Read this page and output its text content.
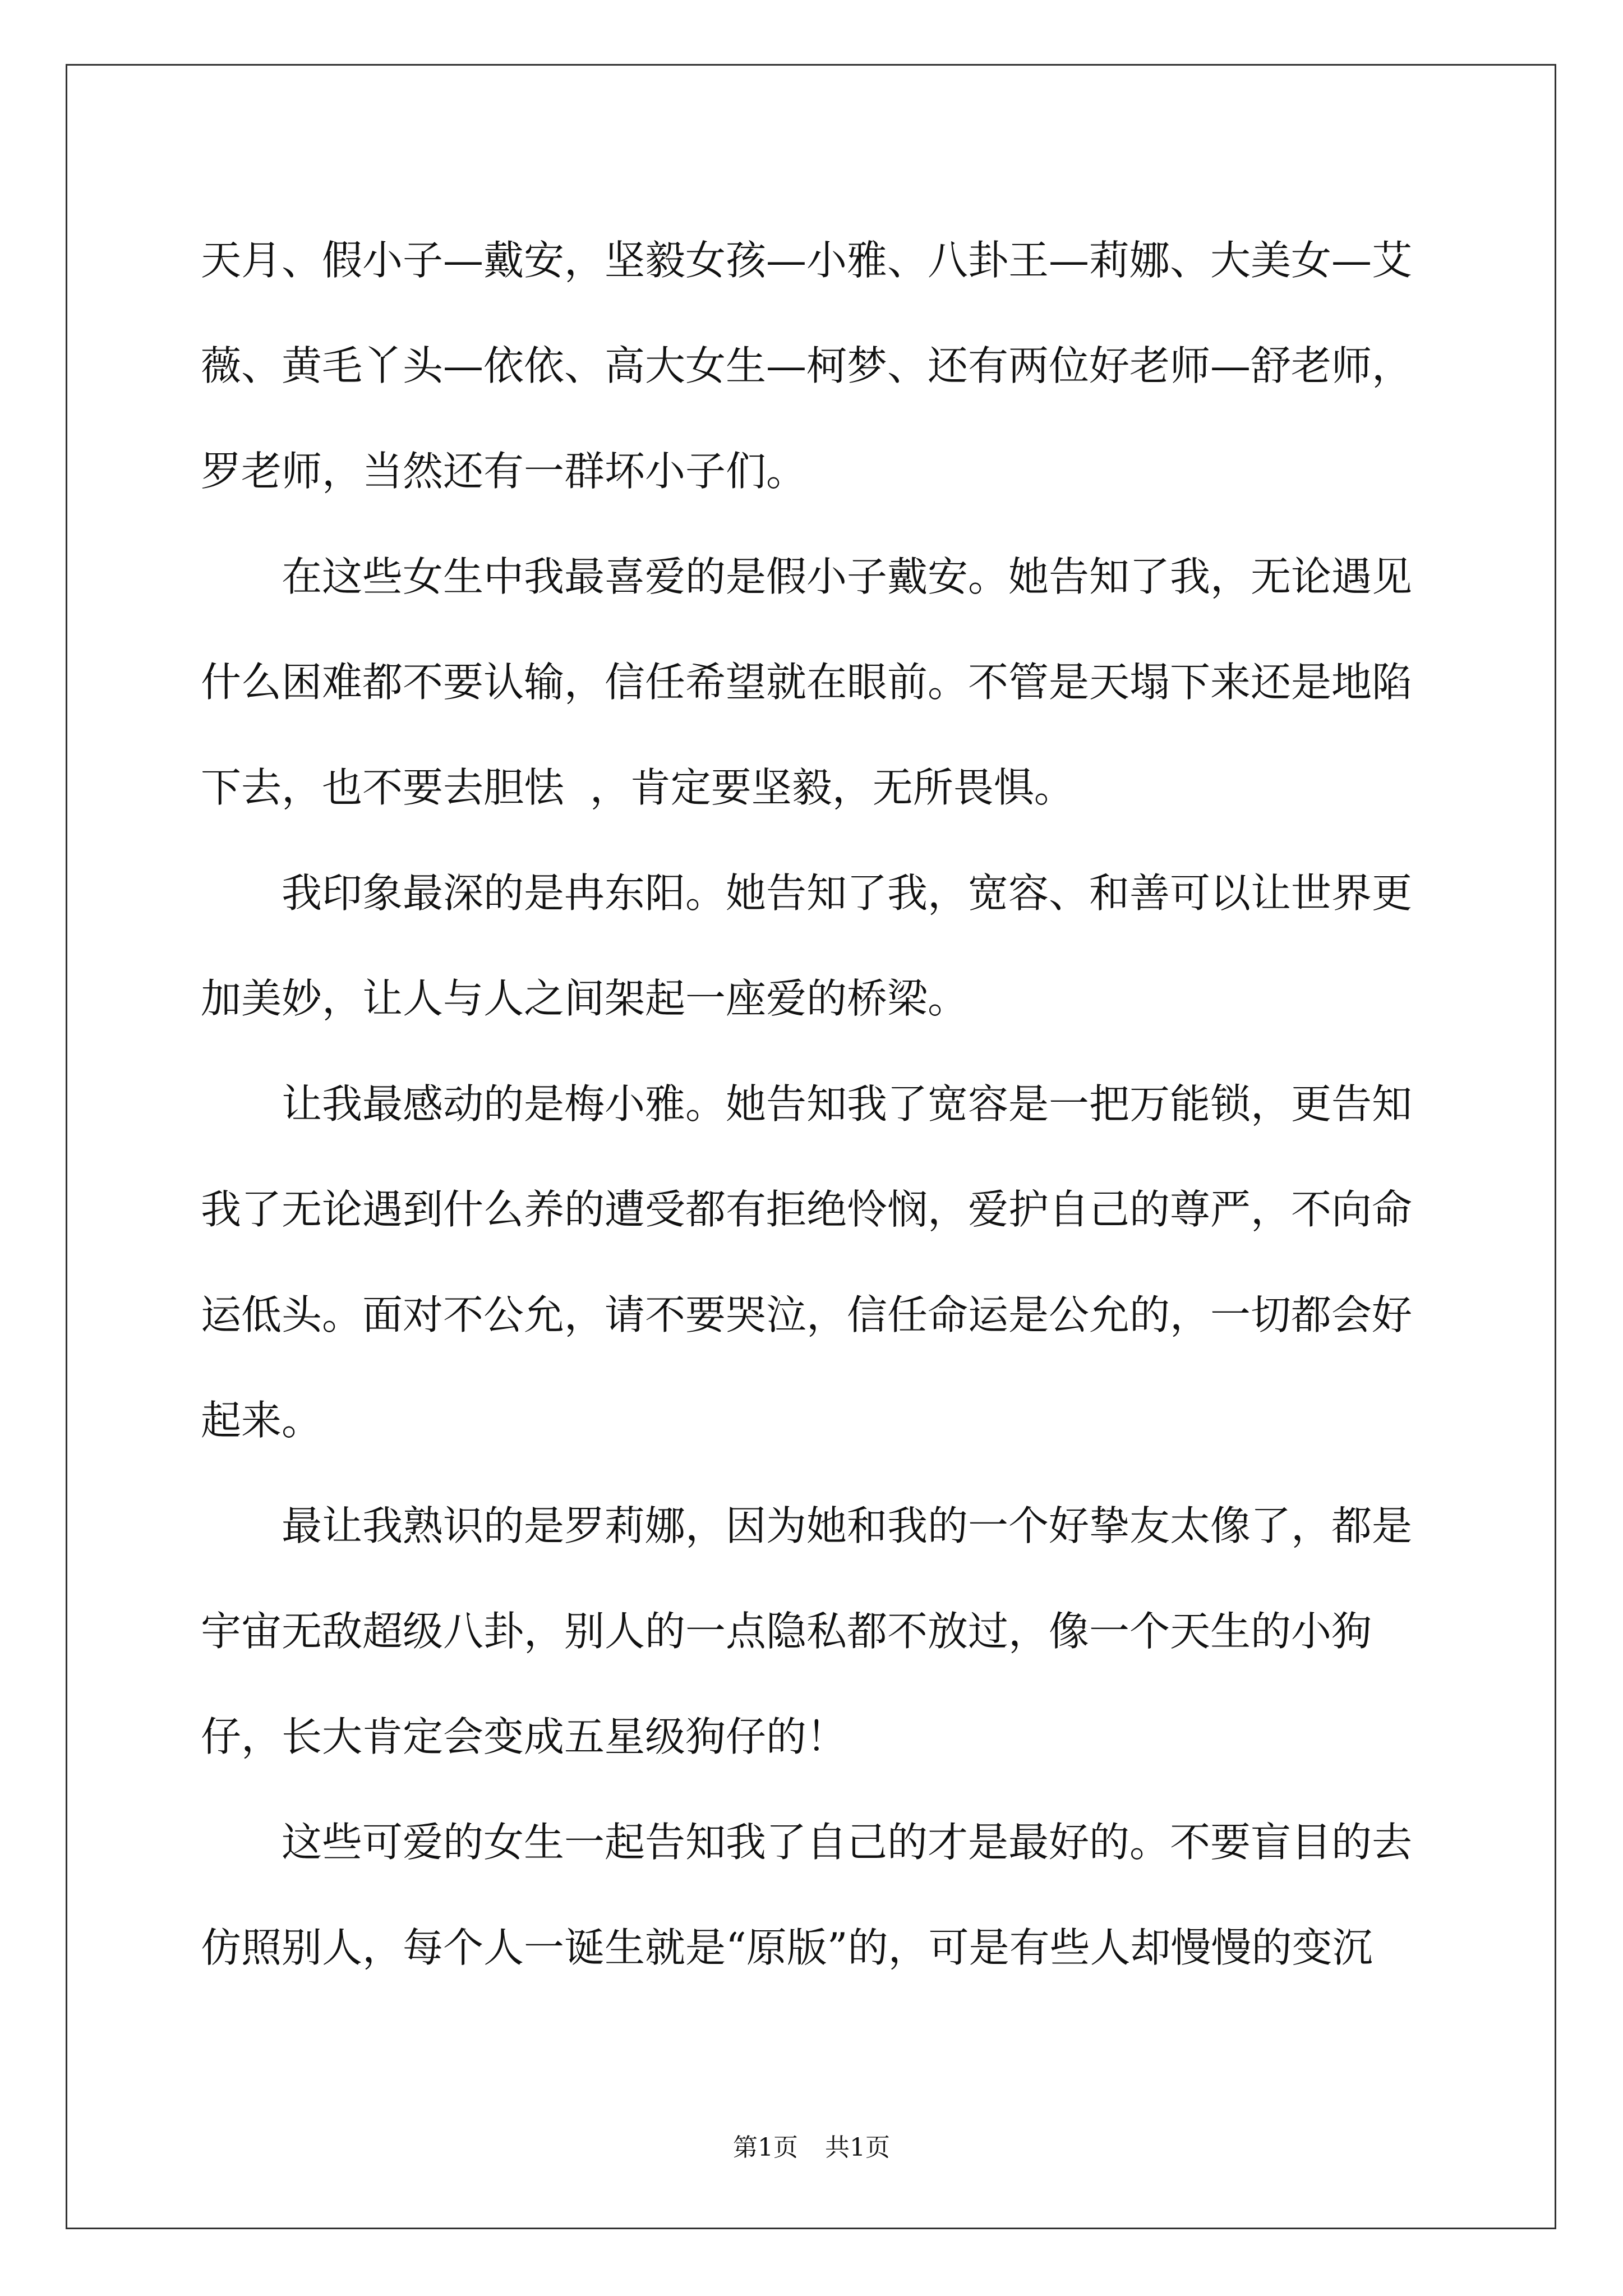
天月、假小子—戴安，坚毅女孩—小雅、八卦王—莉娜、大美女—艾薇、黄毛丫头—依依、高大女生—柯梦、还有两位好老师—舒老师，罗老师，当然还有一群坏小子们。

在这些女生中我最喜爱的是假小子戴安。她告知了我，无论遇见什么困难都不要认输，信任希望就在眼前。不管是天塌下来还是地陷下去，也不要去胆怯  ，肯定要坚毅，无所畏惧。

我印象最深的是冉东阳。她告知了我，宽容、和善可以让世界更加美妙，让人与人之间架起一座爱的桥梁。

让我最感动的是梅小雅。她告知我了宽容是一把万能锁，更告知我了无论遇到什么养的遭受都有拒绝怜悯，爱护自己的尊严，不向命运低头。面对不公允，请不要哭泣，信任命运是公允的，一切都会好起来。

最让我熟识的是罗莉娜，因为她和我的一个好挚友太像了，都是宇宙无敌超级八卦，别人的一点隐私都不放过，像一个天生的小狗仔，长大肯定会变成五星级狗仔的！

这些可爱的女生一起告知我了自己的才是最好的。不要盲目的去仿照别人，每个人一诞生就是“原版”的，可是有些人却慢慢的变沉

第1页 共1页
